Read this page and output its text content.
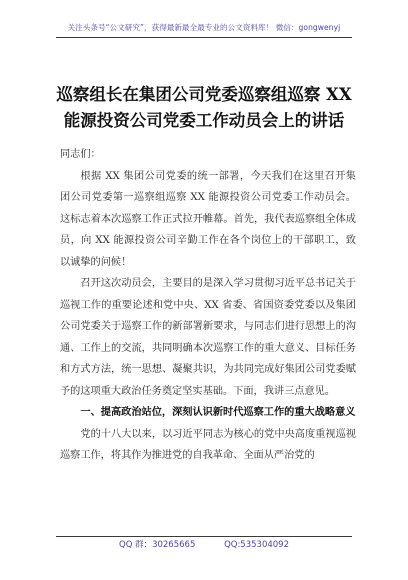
关注头条号“公文研究”，获得最新最全最专业的公文资料库！ 微信：gongwenyj
巡察组长在集团公司党委巡察组巡察 XX
能源投资公司党委工作动员会上的讲话

同志们：

根据 XX 集团公司党委的统一部署，今天我们在这里召开集团公司党委第一巡察组巡察 XX 能源投资公司党委工作动员会。这标志着本次巡察工作正式拉开帷幕。首先，我代表巡察组全体成员，向 XX 能源投资公司辛勤工作在各个岗位上的干部职工，致以诚挚的问候！

召开这次动员会，主要目的是深入学习贯彻习近平总书记关于巡视工作的重要论述和党中央、XX 省委、省国资委党委以及集团公司党委关于巡察工作的新部署新要求，与同志们进行思想上的沟通、工作上的交流，共同明确本次巡察工作的重大意义、目标任务和方式方法，统一思想、凝聚共识，为共同完成好集团公司党委赋予的这项重大政治任务奠定坚实基础。下面，我讲三点意见。

一、提高政治站位，深刻认识新时代巡察工作的重大战略意义

党的十八大以来，以习近平同志为核心的党中央高度重视巡视巡察工作，将其作为推进党的自我革命、全面从严治党的

QQ 群：30265665	QQ:535304092
